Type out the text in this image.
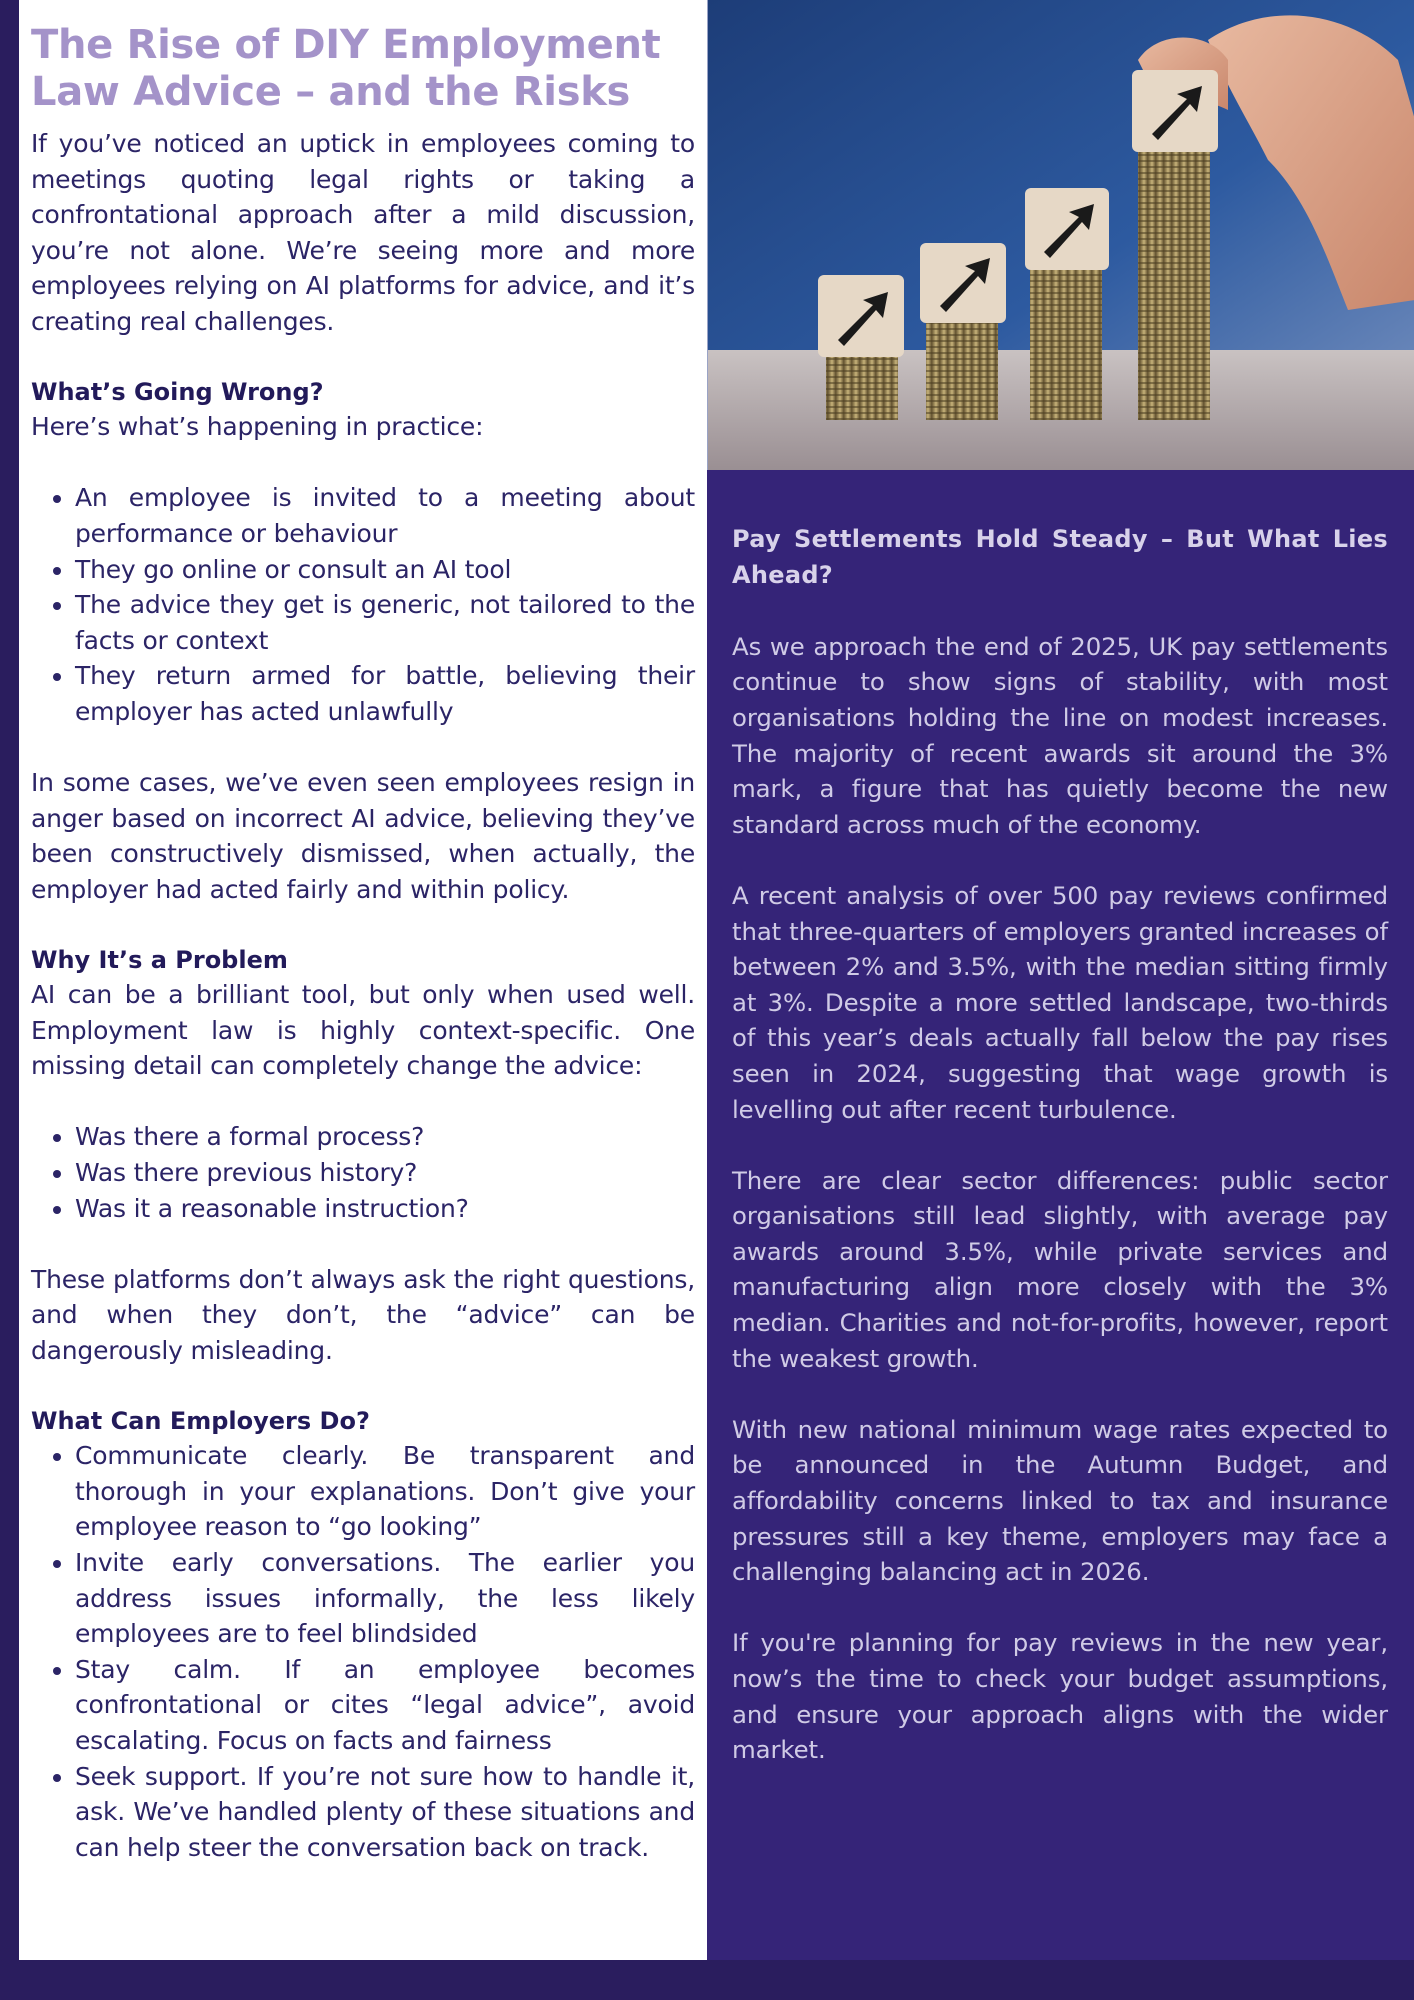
The Rise of DIY Employment Law Advice – and the Risks

If you’ve noticed an uptick in employees coming to meetings quoting legal rights or taking a confrontational approach after a mild discussion, you’re not alone. We’re seeing more and more employees relying on AI platforms for advice, and it’s creating real challenges.

What’s Going Wrong?

Here’s what’s happening in practice:

• An employee is invited to a meeting about performance or behaviour
• They go online or consult an AI tool
• The advice they get is generic, not tailored to the facts or context
• They return armed for battle, believing their employer has acted unlawfully

In some cases, we’ve even seen employees resign in anger based on incorrect AI advice, believing they’ve been constructively dismissed, when actually, the employer had acted fairly and within policy.

Why It’s a Problem

AI can be a brilliant tool, but only when used well. Employment law is highly context-specific. One missing detail can completely change the advice:

• Was there a formal process?
• Was there previous history?
• Was it a reasonable instruction?

These platforms don’t always ask the right questions, and when they don’t, the “advice” can be dangerously misleading.

What Can Employers Do?
• Communicate clearly. Be transparent and thorough in your explanations. Don’t give your employee reason to “go looking”
• Invite early conversations. The earlier you address issues informally, the less likely employees are to feel blindsided
• Stay calm. If an employee becomes confrontational or cites “legal advice”, avoid escalating. Focus on facts and fairness
• Seek support. If you’re not sure how to handle it, ask. We’ve handled plenty of these situations and can help steer the conversation back on track.
Pay Settlements Hold Steady – But What Lies Ahead?

As we approach the end of 2025, UK pay settlements continue to show signs of stability, with most organisations holding the line on modest increases. The majority of recent awards sit around the 3% mark, a figure that has quietly become the new standard across much of the economy.

A recent analysis of over 500 pay reviews confirmed that three-quarters of employers granted increases of between 2% and 3.5%, with the median sitting firmly at 3%. Despite a more settled landscape, two-thirds of this year’s deals actually fall below the pay rises seen in 2024, suggesting that wage growth is levelling out after recent turbulence.

There are clear sector differences: public sector organisations still lead slightly, with average pay awards around 3.5%, while private services and manufacturing align more closely with the 3% median. Charities and not-for-profits, however, report the weakest growth.

With new national minimum wage rates expected to be announced in the Autumn Budget, and affordability concerns linked to tax and insurance pressures still a key theme, employers may face a challenging balancing act in 2026.

If you're planning for pay reviews in the new year, now’s the time to check your budget assumptions, and ensure your approach aligns with the wider market.
